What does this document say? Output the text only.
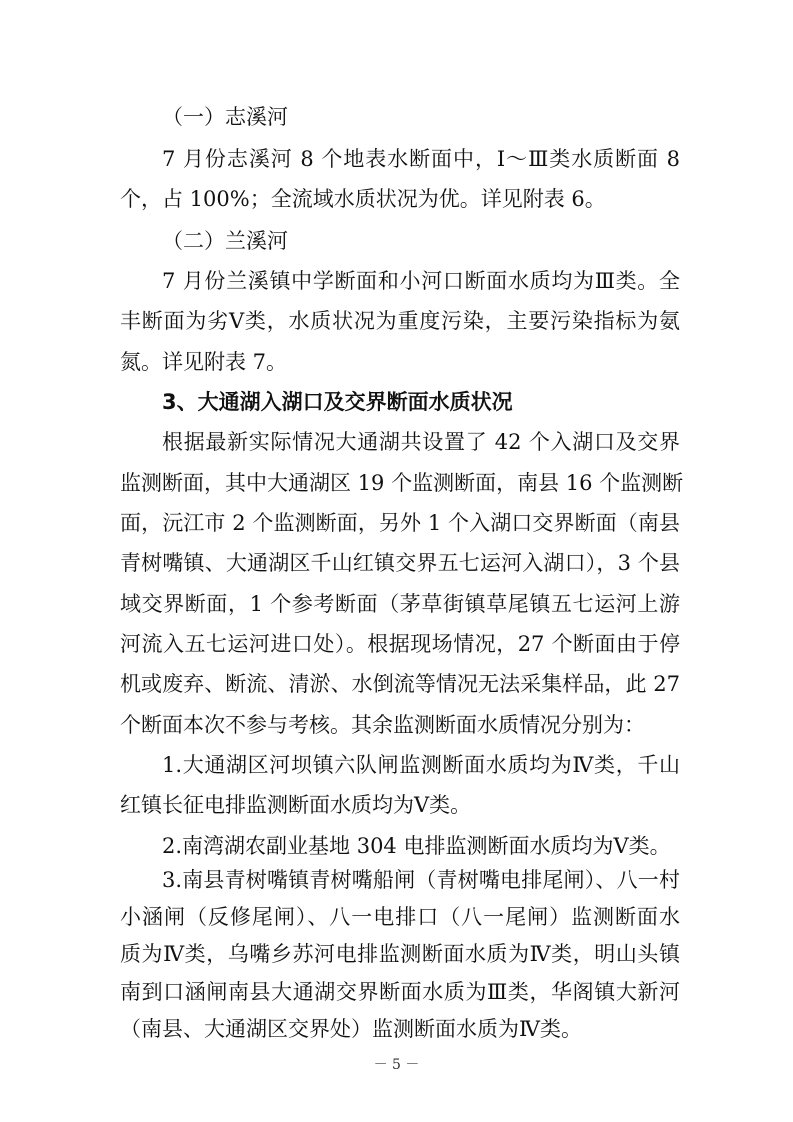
（一）志溪河
7 月份志溪河 8 个地表水断面中，Ⅰ～Ⅲ类水质断面 8
个，占 100%；全流域水质状况为优。详见附表 6。
（二）兰溪河
7 月份兰溪镇中学断面和小河口断面水质均为Ⅲ类。全
丰断面为劣Ⅴ类，水质状况为重度污染，主要污染指标为氨
氮。详见附表 7。
3、大通湖入湖口及交界断面水质状况
根据最新实际情况大通湖共设置了 42 个入湖口及交界
监测断面，其中大通湖区 19 个监测断面，南县 16 个监测断
面，沅江市 2 个监测断面，另外 1 个入湖口交界断面（南县
青树嘴镇、大通湖区千山红镇交界五七运河入湖口），3 个县
域交界断面，1 个参考断面（茅草街镇草尾镇五七运河上游
河流入五七运河进口处）。根据现场情况，27 个断面由于停
机或废弃、断流、清淤、水倒流等情况无法采集样品，此 27
个断面本次不参与考核。其余监测断面水质情况分别为：
1.大通湖区河坝镇六队闸监测断面水质均为Ⅳ类，千山
红镇长征电排监测断面水质均为Ⅴ类。
2.南湾湖农副业基地 304 电排监测断面水质均为Ⅴ类。
3.南县青树嘴镇青树嘴船闸（青树嘴电排尾闸）、八一村
小涵闸（反修尾闸）、八一电排口（八一尾闸）监测断面水
质为Ⅳ类，乌嘴乡苏河电排监测断面水质为Ⅳ类，明山头镇
南到口涵闸南县大通湖交界断面水质为Ⅲ类，华阁镇大新河
（南县、大通湖区交界处）监测断面水质为Ⅳ类。
－ 5 －
